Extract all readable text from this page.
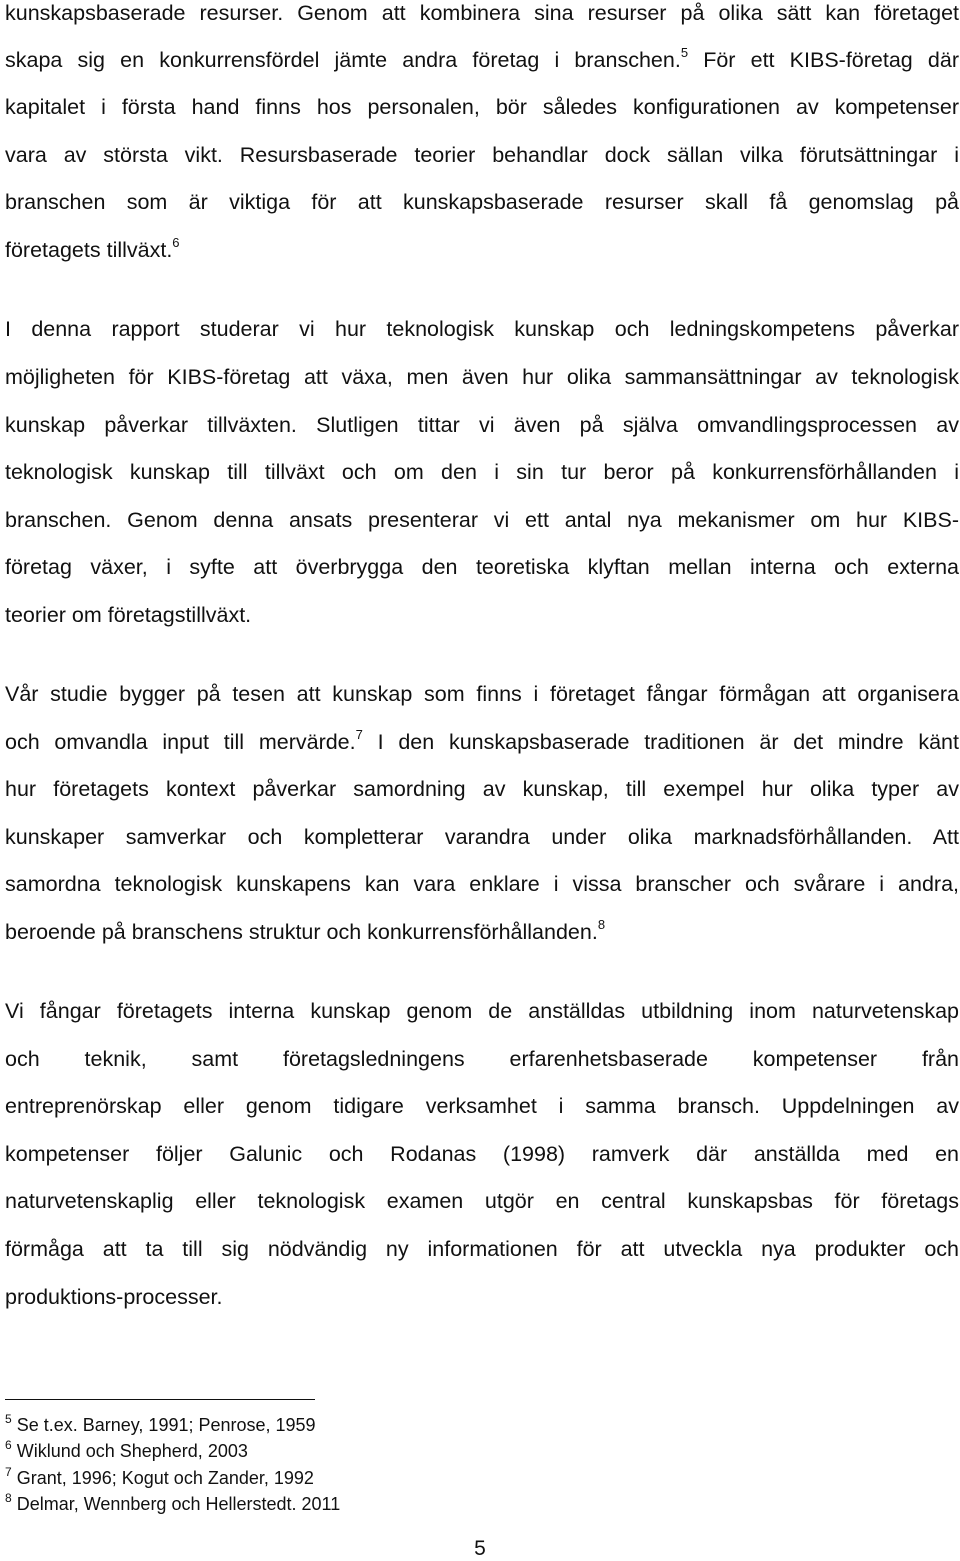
kunskapsbaserade resurser. Genom att kombinera sina resurser på olika sätt kan företaget
skapa sig en konkurrensfördel jämte andra företag i branschen.$^5$ För ett KIBS-företag där
kapitalet i första hand finns hos personalen, bör således konfigurationen av kompetenser
vara av största vikt. Resursbaserade teorier behandlar dock sällan vilka förutsättningar i
branschen som är viktiga för att kunskapsbaserade resurser skall få genomslag på
företagets tillväxt.$^6$
I denna rapport studerar vi hur teknologisk kunskap och ledningskompetens påverkar
möjligheten för KIBS-företag att växa, men även hur olika sammansättningar av teknologisk
kunskap påverkar tillväxten. Slutligen tittar vi även på själva omvandlingsprocessen av
teknologisk kunskap till tillväxt och om den i sin tur beror på konkurrensförhållanden i
branschen. Genom denna ansats presenterar vi ett antal nya mekanismer om hur KIBS-
företag växer, i syfte att överbrygga den teoretiska klyftan mellan interna och externa
teorier om företagstillväxt.
Vår studie bygger på tesen att kunskap som finns i företaget fångar förmågan att organisera
och omvandla input till mervärde.$^7$ I den kunskapsbaserade traditionen är det mindre känt
hur företagets kontext påverkar samordning av kunskap, till exempel hur olika typer av
kunskaper samverkar och kompletterar varandra under olika marknadsförhållanden. Att
samordna teknologisk kunskapens kan vara enklare i vissa branscher och svårare i andra,
beroende på branschens struktur och konkurrensförhållanden.$^8$
Vi fångar företagets interna kunskap genom de anställdas utbildning inom naturvetenskap
och teknik, samt företagsledningens erfarenhetsbaserade kompetenser från
entreprenörskap eller genom tidigare verksamhet i samma bransch. Uppdelningen av
kompetenser följer Galunic och Rodanas (1998) ramverk där anställda med en
naturvetenskaplig eller teknologisk examen utgör en central kunskapsbas för företags
förmåga att ta till sig nödvändig ny informationen för att utveckla nya produkter och
produktions-processer.
$^5$ Se t.ex. Barney, 1991; Penrose, 1959
$^6$ Wiklund och Shepherd, 2003
$^7$ Grant, 1996; Kogut och Zander, 1992
$^8$ Delmar, Wennberg och Hellerstedt. 2011
5
